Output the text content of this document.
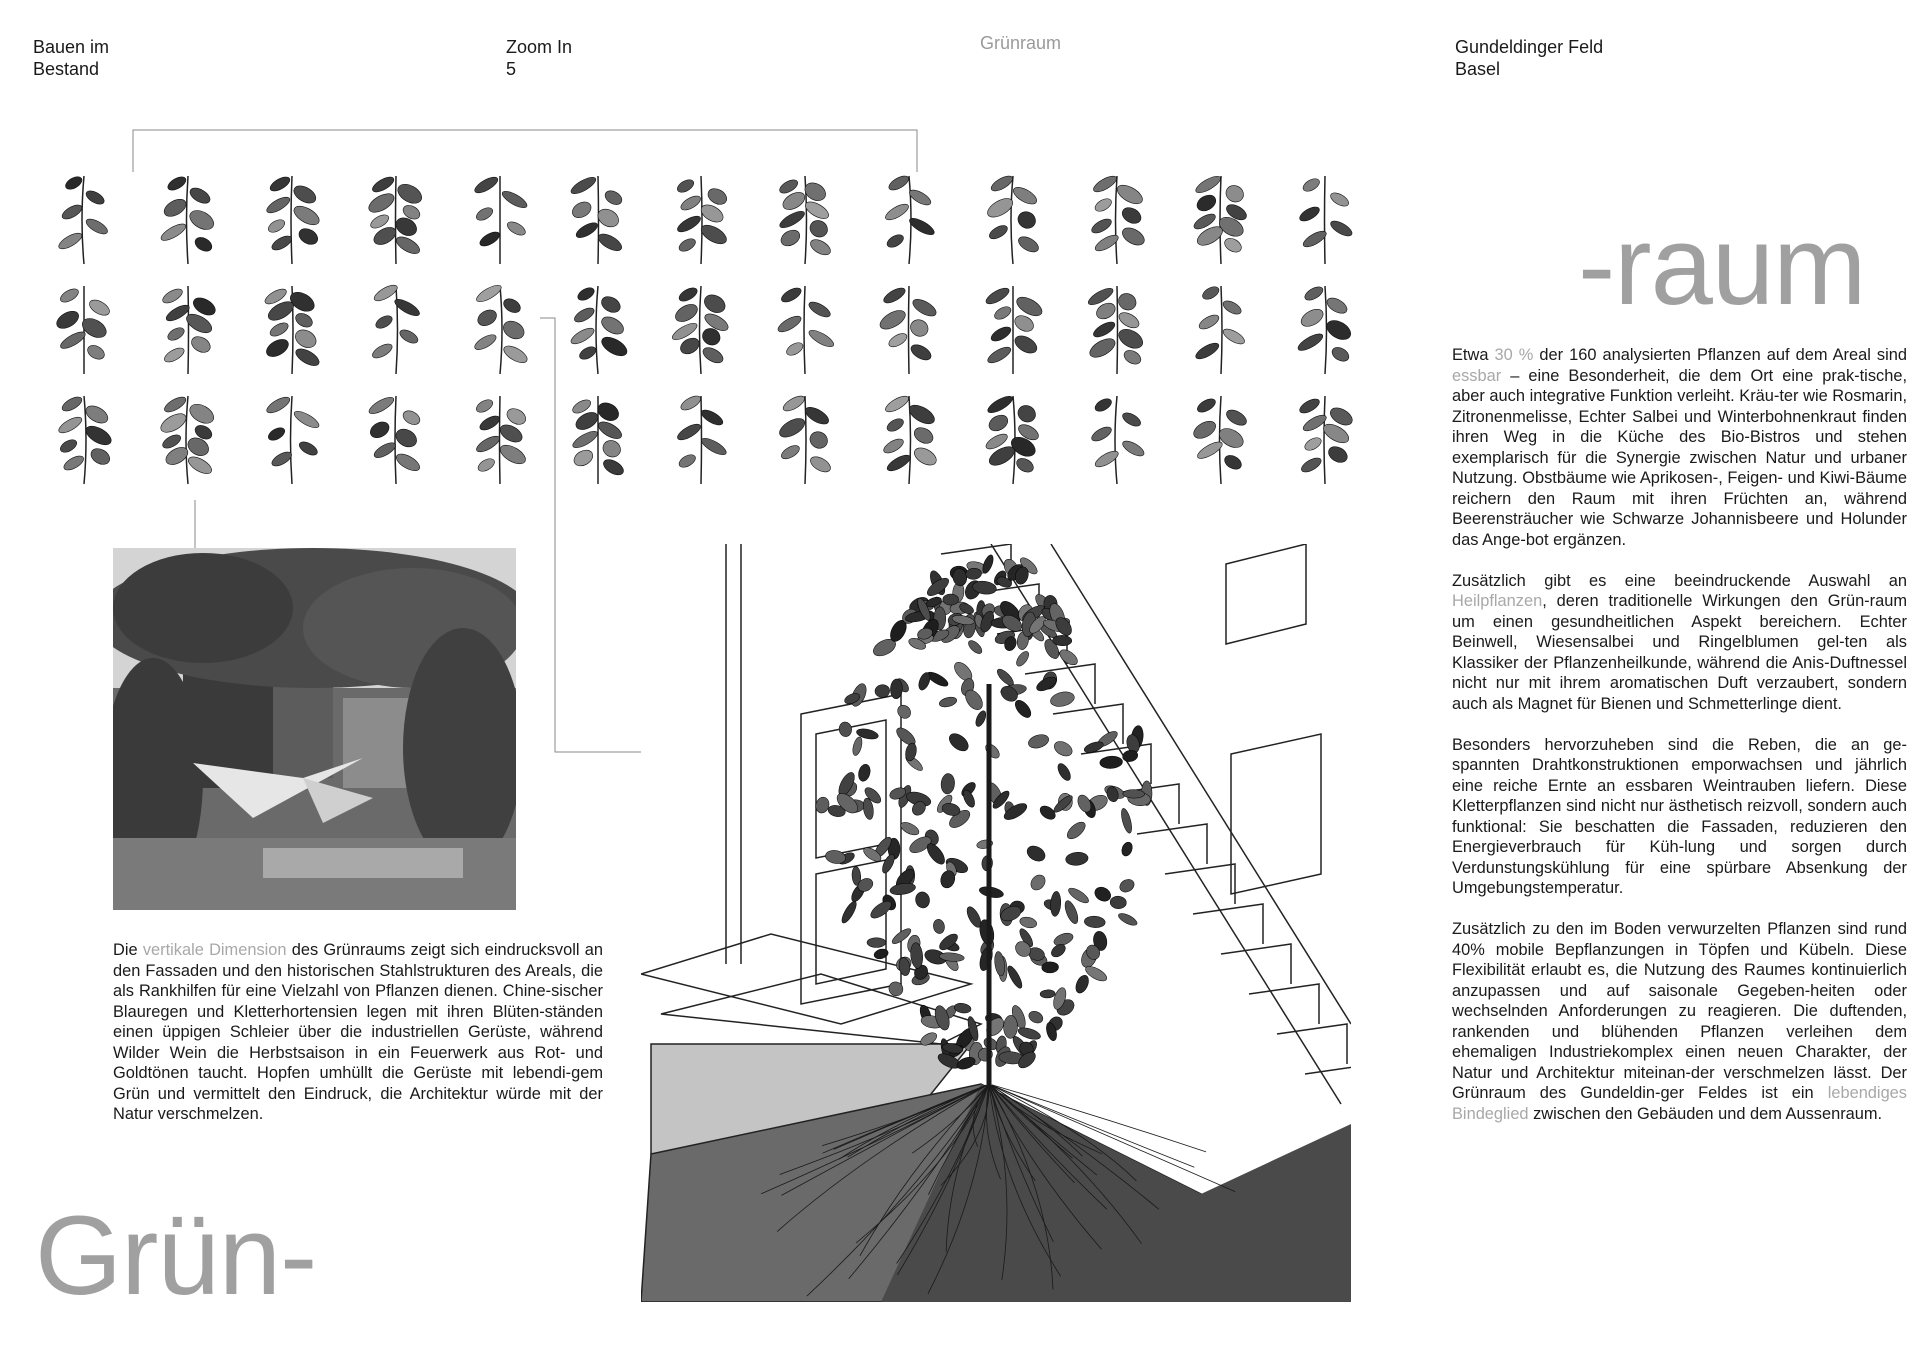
Bauen im
Bestand
Zoom In
5
Grünraum	Gundeldinger Feld
Basel

Die vertikale Dimension des Grünraums zeigt sich eindrucksvoll an den Fassaden und den historischen Stahlstrukturen des Areals, die als Rankhilfen für eine Vielzahl von Pflanzen dienen. Chine-sischer Blauregen und Kletterhortensien legen mit ihren Blüten-ständen einen üppigen Schleier über die industriellen Gerüste, während Wilder Wein die Herbstsaison in ein Feuerwerk aus Rot- und Goldtönen taucht. Hopfen umhüllt die Gerüste mit lebendi-gem Grün und vermittelt den Eindruck, die Architektur würde mit der Natur verschmelzen.

Grün-
-raum

Etwa 30 % der 160 analysierten Pflanzen auf dem Areal sind essbar – eine Besonderheit, die dem Ort eine prak-tische, aber auch integrative Funktion verleiht. Kräu-ter wie Rosmarin, Zitronenmelisse, Echter Salbei und Winterbohnenkraut finden ihren Weg in die Küche des Bio-Bistros und stehen exemplarisch für die Synergie zwischen Natur und urbaner Nutzung. Obstbäume wie Aprikosen-, Feigen- und Kiwi-Bäume reichern den Raum mit ihren Früchten an, während Beerensträucher wie Schwarze Johannisbeere und Holunder das Ange-bot ergänzen.

Zusätzlich gibt es eine beeindruckende Auswahl an Heilpflanzen, deren traditionelle Wirkungen den Grün-raum um einen gesundheitlichen Aspekt bereichern. Echter Beinwell, Wiesensalbei und Ringelblumen gel-ten als Klassiker der Pflanzenheilkunde, während die Anis-Duftnessel nicht nur mit ihrem aromatischen Duft verzaubert, sondern auch als Magnet für Bienen und Schmetterlinge dient.

Besonders hervorzuheben sind die Reben, die an ge-spannten Drahtkonstruktionen emporwachsen und jährlich eine reiche Ernte an essbaren Weintrauben liefern. Diese Kletterpflanzen sind nicht nur ästhetisch reizvoll, sondern auch funktional: Sie beschatten die Fassaden, reduzieren den Energieverbrauch für Küh-lung und sorgen durch Verdunstungskühlung für eine spürbare Absenkung der Umgebungstemperatur.

Zusätzlich zu den im Boden verwurzelten Pflanzen sind rund 40% mobile Bepflanzungen in Töpfen und Kübeln. Diese Flexibilität erlaubt es, die Nutzung des Raumes kontinuierlich anzupassen und auf saisonale Gegeben-heiten oder wechselnden Anforderungen zu reagieren. Die duftenden, rankenden und blühenden Pflanzen verleihen dem ehemaligen Industriekomplex einen neuen Charakter, der Natur und Architektur miteinan-der verschmelzen lässt. Der Grünraum des Gundeldin-ger Feldes ist ein lebendiges Bindeglied zwischen den Gebäuden und dem Aussenraum.
